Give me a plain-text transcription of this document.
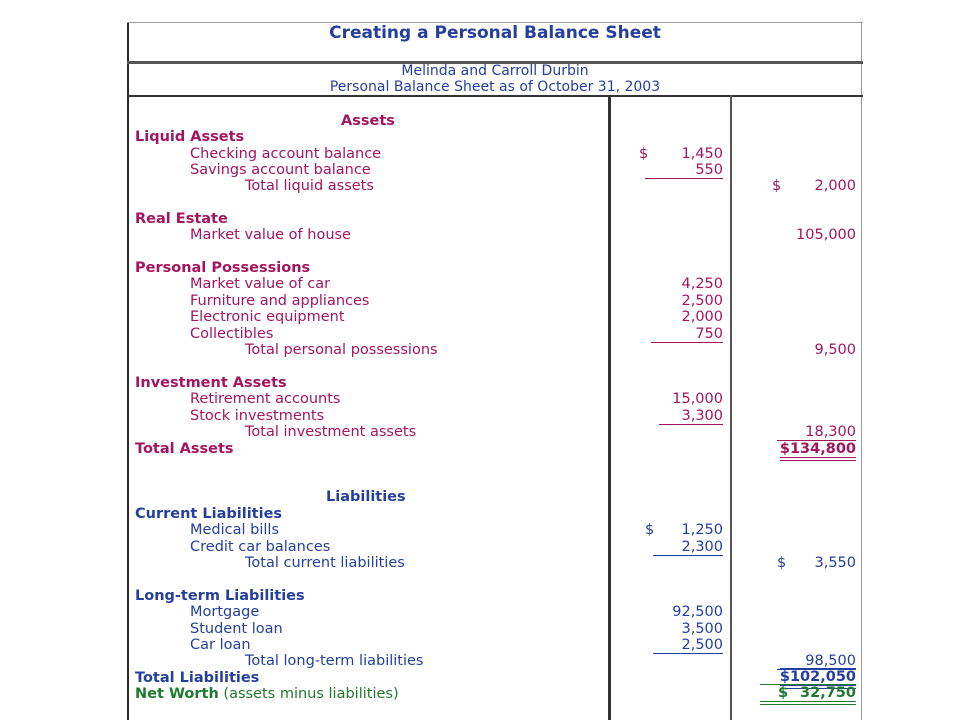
Creating a Personal Balance Sheet
Melinda and Carroll Durbin
Personal Balance Sheet as of October 31, 2003
Assets
Liquid Assets
Checking account balance	$ 1,450
Savings account balance	550
Total liquid assets	$ 2,000
Real Estate
Market value of house	105,000
Personal Possessions
Market value of car	4,250
Furniture and appliances	2,500
Electronic equipment	2,000
Collectibles	750
Total personal possessions	9,500
Investment Assets
Retirement accounts	15,000
Stock investments	3,300
Total investment assets	18,300
Total Assets	$134,800
Liabilities
Current Liabilities
Medical bills	$ 1,250
Credit car balances	2,300
Total current liabilities	$ 3,550
Long-term Liabilities
Mortgage	92,500
Student loan	3,500
Car loan	2,500
Total long-term liabilities	98,500
Total Liabilities	$102,050
Net Worth (assets minus liabilities)	$ 32,750
